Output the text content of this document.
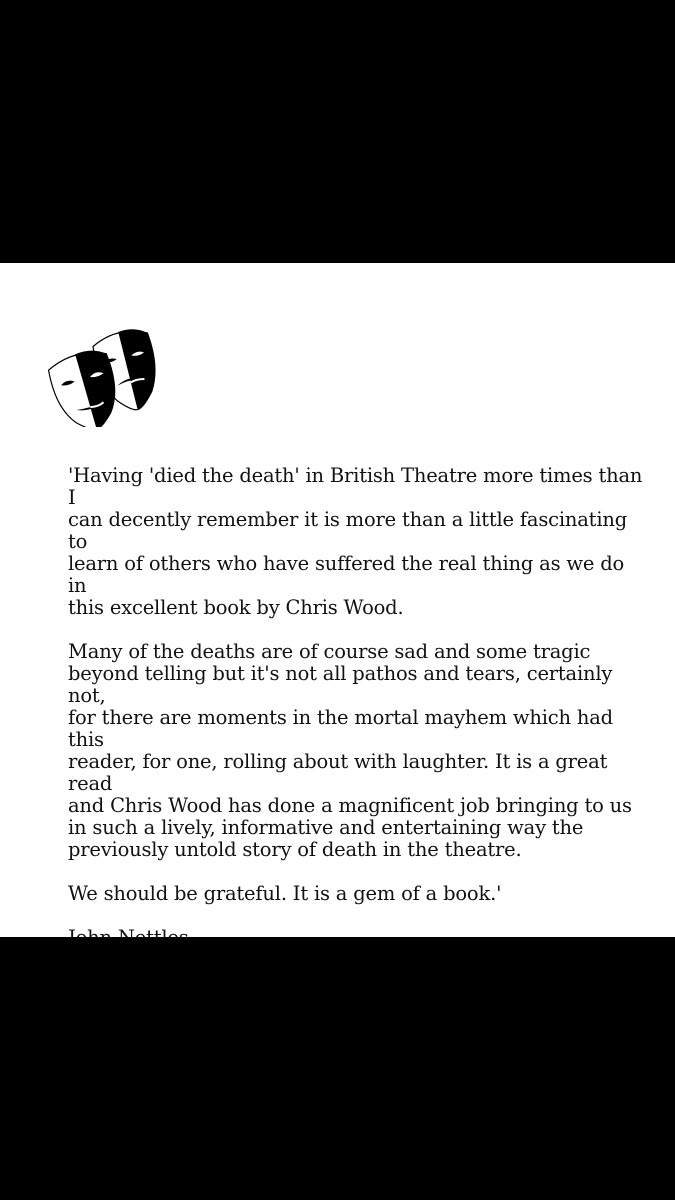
'Having 'died the death' in British Theatre more times than I
can decently remember it is more than a little fascinating to
learn of others who have suffered the real thing as we do in
this excellent book by Chris Wood.

Many of the deaths are of course sad and some tragic
beyond telling but it's not all pathos and tears, certainly not,
for there are moments in the mortal mayhem which had this
reader, for one, rolling about with laughter. It is a great read
and Chris Wood has done a magnificent job bringing to us
in such a lively, informative and entertaining way the
previously untold story of death in the theatre.

We should be grateful. It is a gem of a book.'
